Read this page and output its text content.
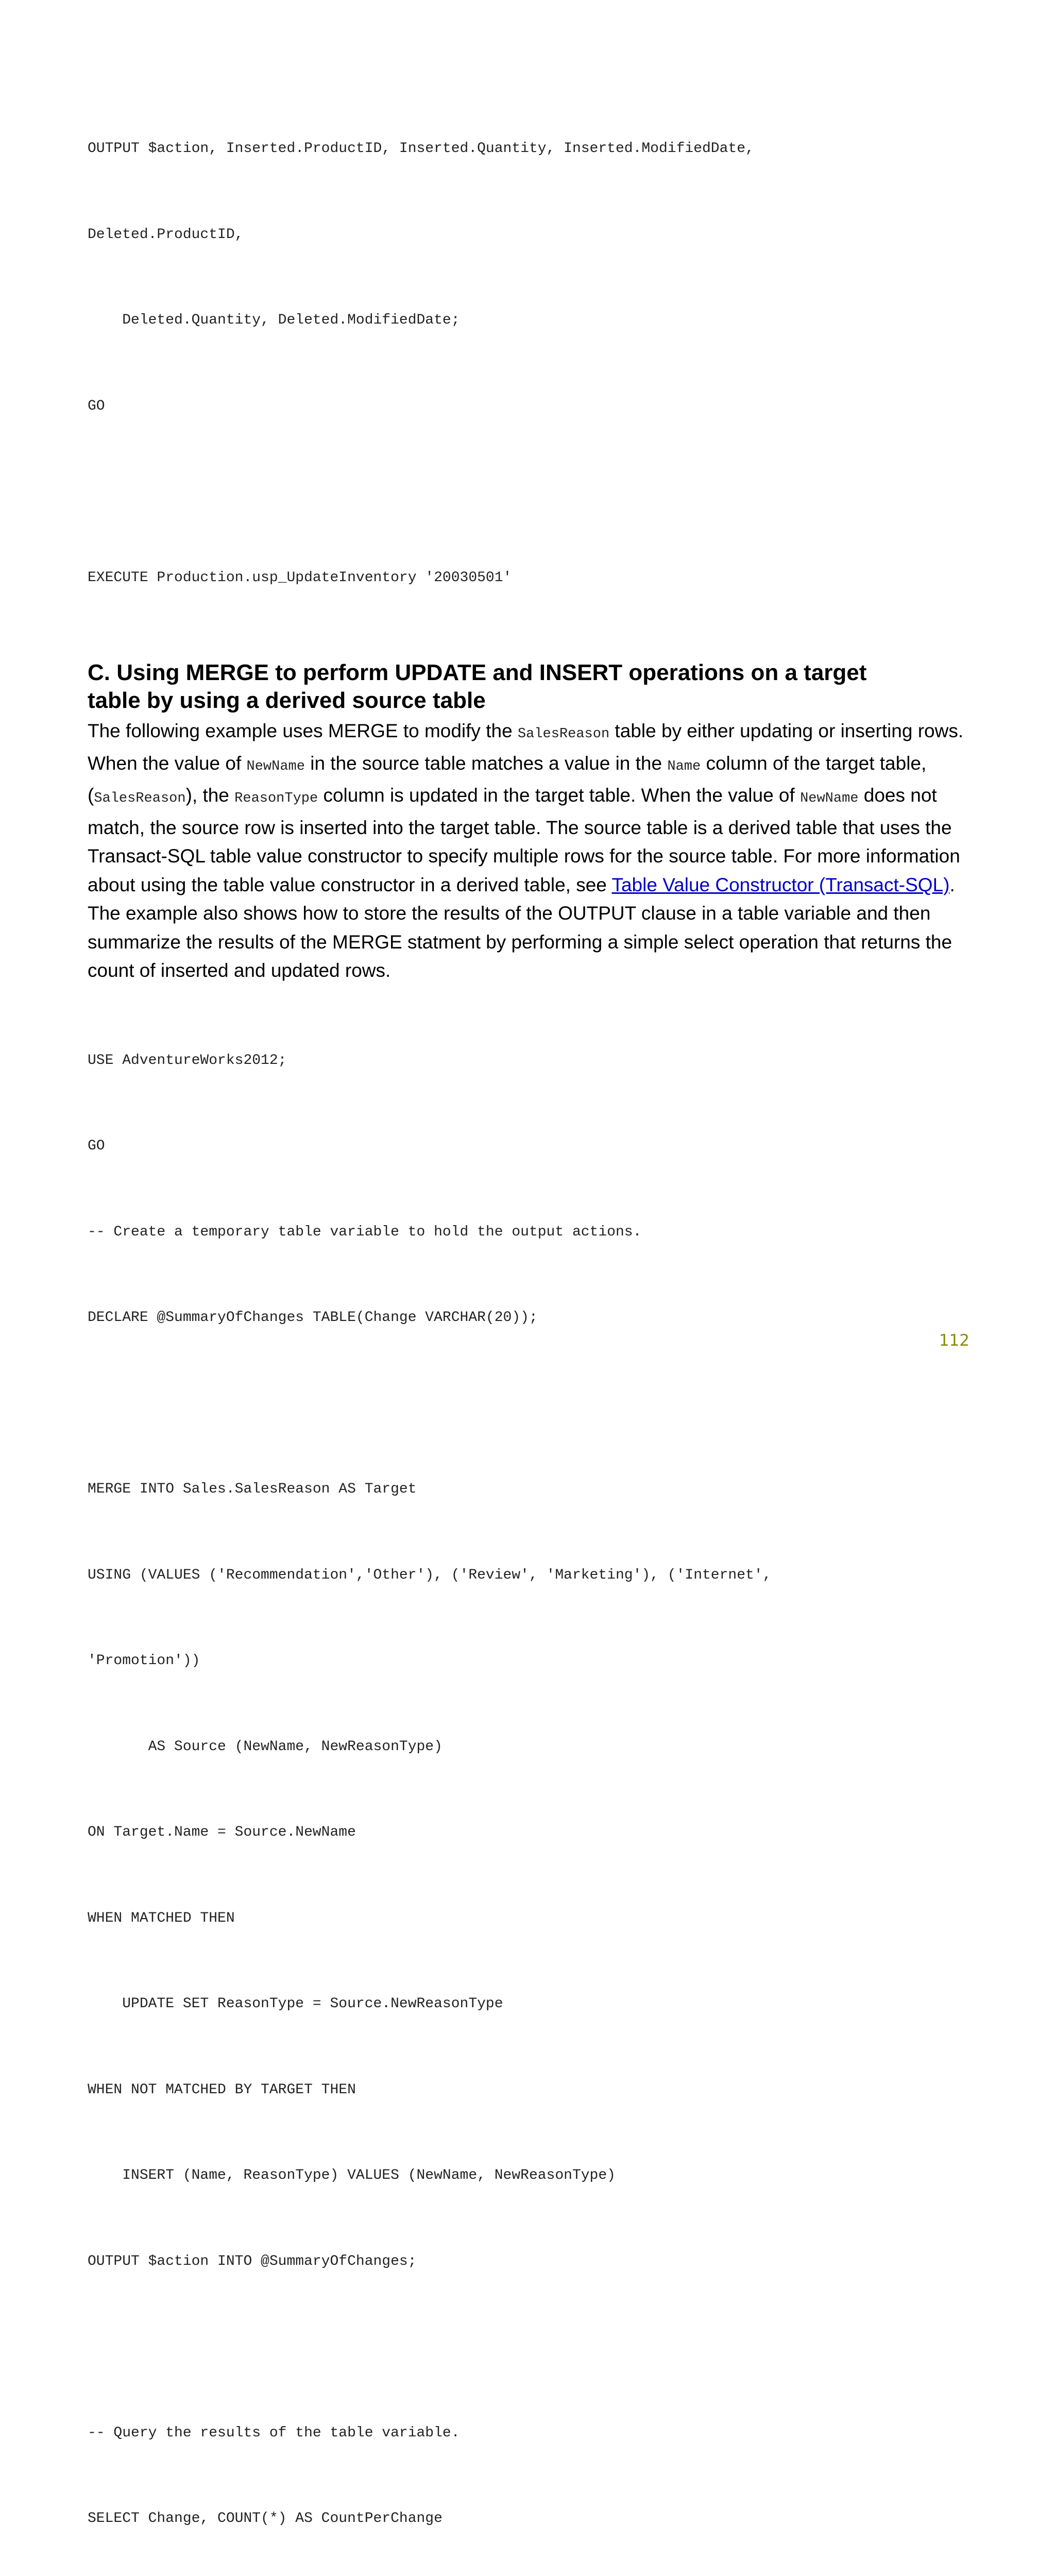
OUTPUT $action, Inserted.ProductID, Inserted.Quantity, Inserted.ModifiedDate,

Deleted.ProductID,

Deleted.Quantity, Deleted.ModifiedDate;

GO

EXECUTE Production.usp_UpdateInventory '20030501'

C. Using MERGE to perform UPDATE and INSERT operations on a target
table by using a derived source table

The following example uses MERGE to modify the SalesReason table by either updating or inserting rows. When the value of NewName in the source table matches a value in the Name column of the target table, (SalesReason), the ReasonType column is updated in the target table. When the value of NewName does not match, the source row is inserted into the target table. The source table is a derived table that uses the Transact-SQL table value constructor to specify multiple rows for the source table. For more information about using the table value constructor in a derived table, see Table Value Constructor (Transact-SQL). The example also shows how to store the results of the OUTPUT clause in a table variable and then summarize the results of the MERGE statment by performing a simple select operation that returns the count of inserted and updated rows.

USE AdventureWorks2012;

GO

-- Create a temporary table variable to hold the output actions.

DECLARE @SummaryOfChanges TABLE(Change VARCHAR(20));

MERGE INTO Sales.SalesReason AS Target

USING (VALUES ('Recommendation','Other'), ('Review', 'Marketing'), ('Internet',

'Promotion'))

AS Source (NewName, NewReasonType)

ON Target.Name = Source.NewName

WHEN MATCHED THEN

UPDATE SET ReasonType = Source.NewReasonType

WHEN NOT MATCHED BY TARGET THEN

INSERT (Name, ReasonType) VALUES (NewName, NewReasonType)

OUTPUT $action INTO @SummaryOfChanges;

-- Query the results of the table variable.

SELECT Change, COUNT(*) AS CountPerChange

112
